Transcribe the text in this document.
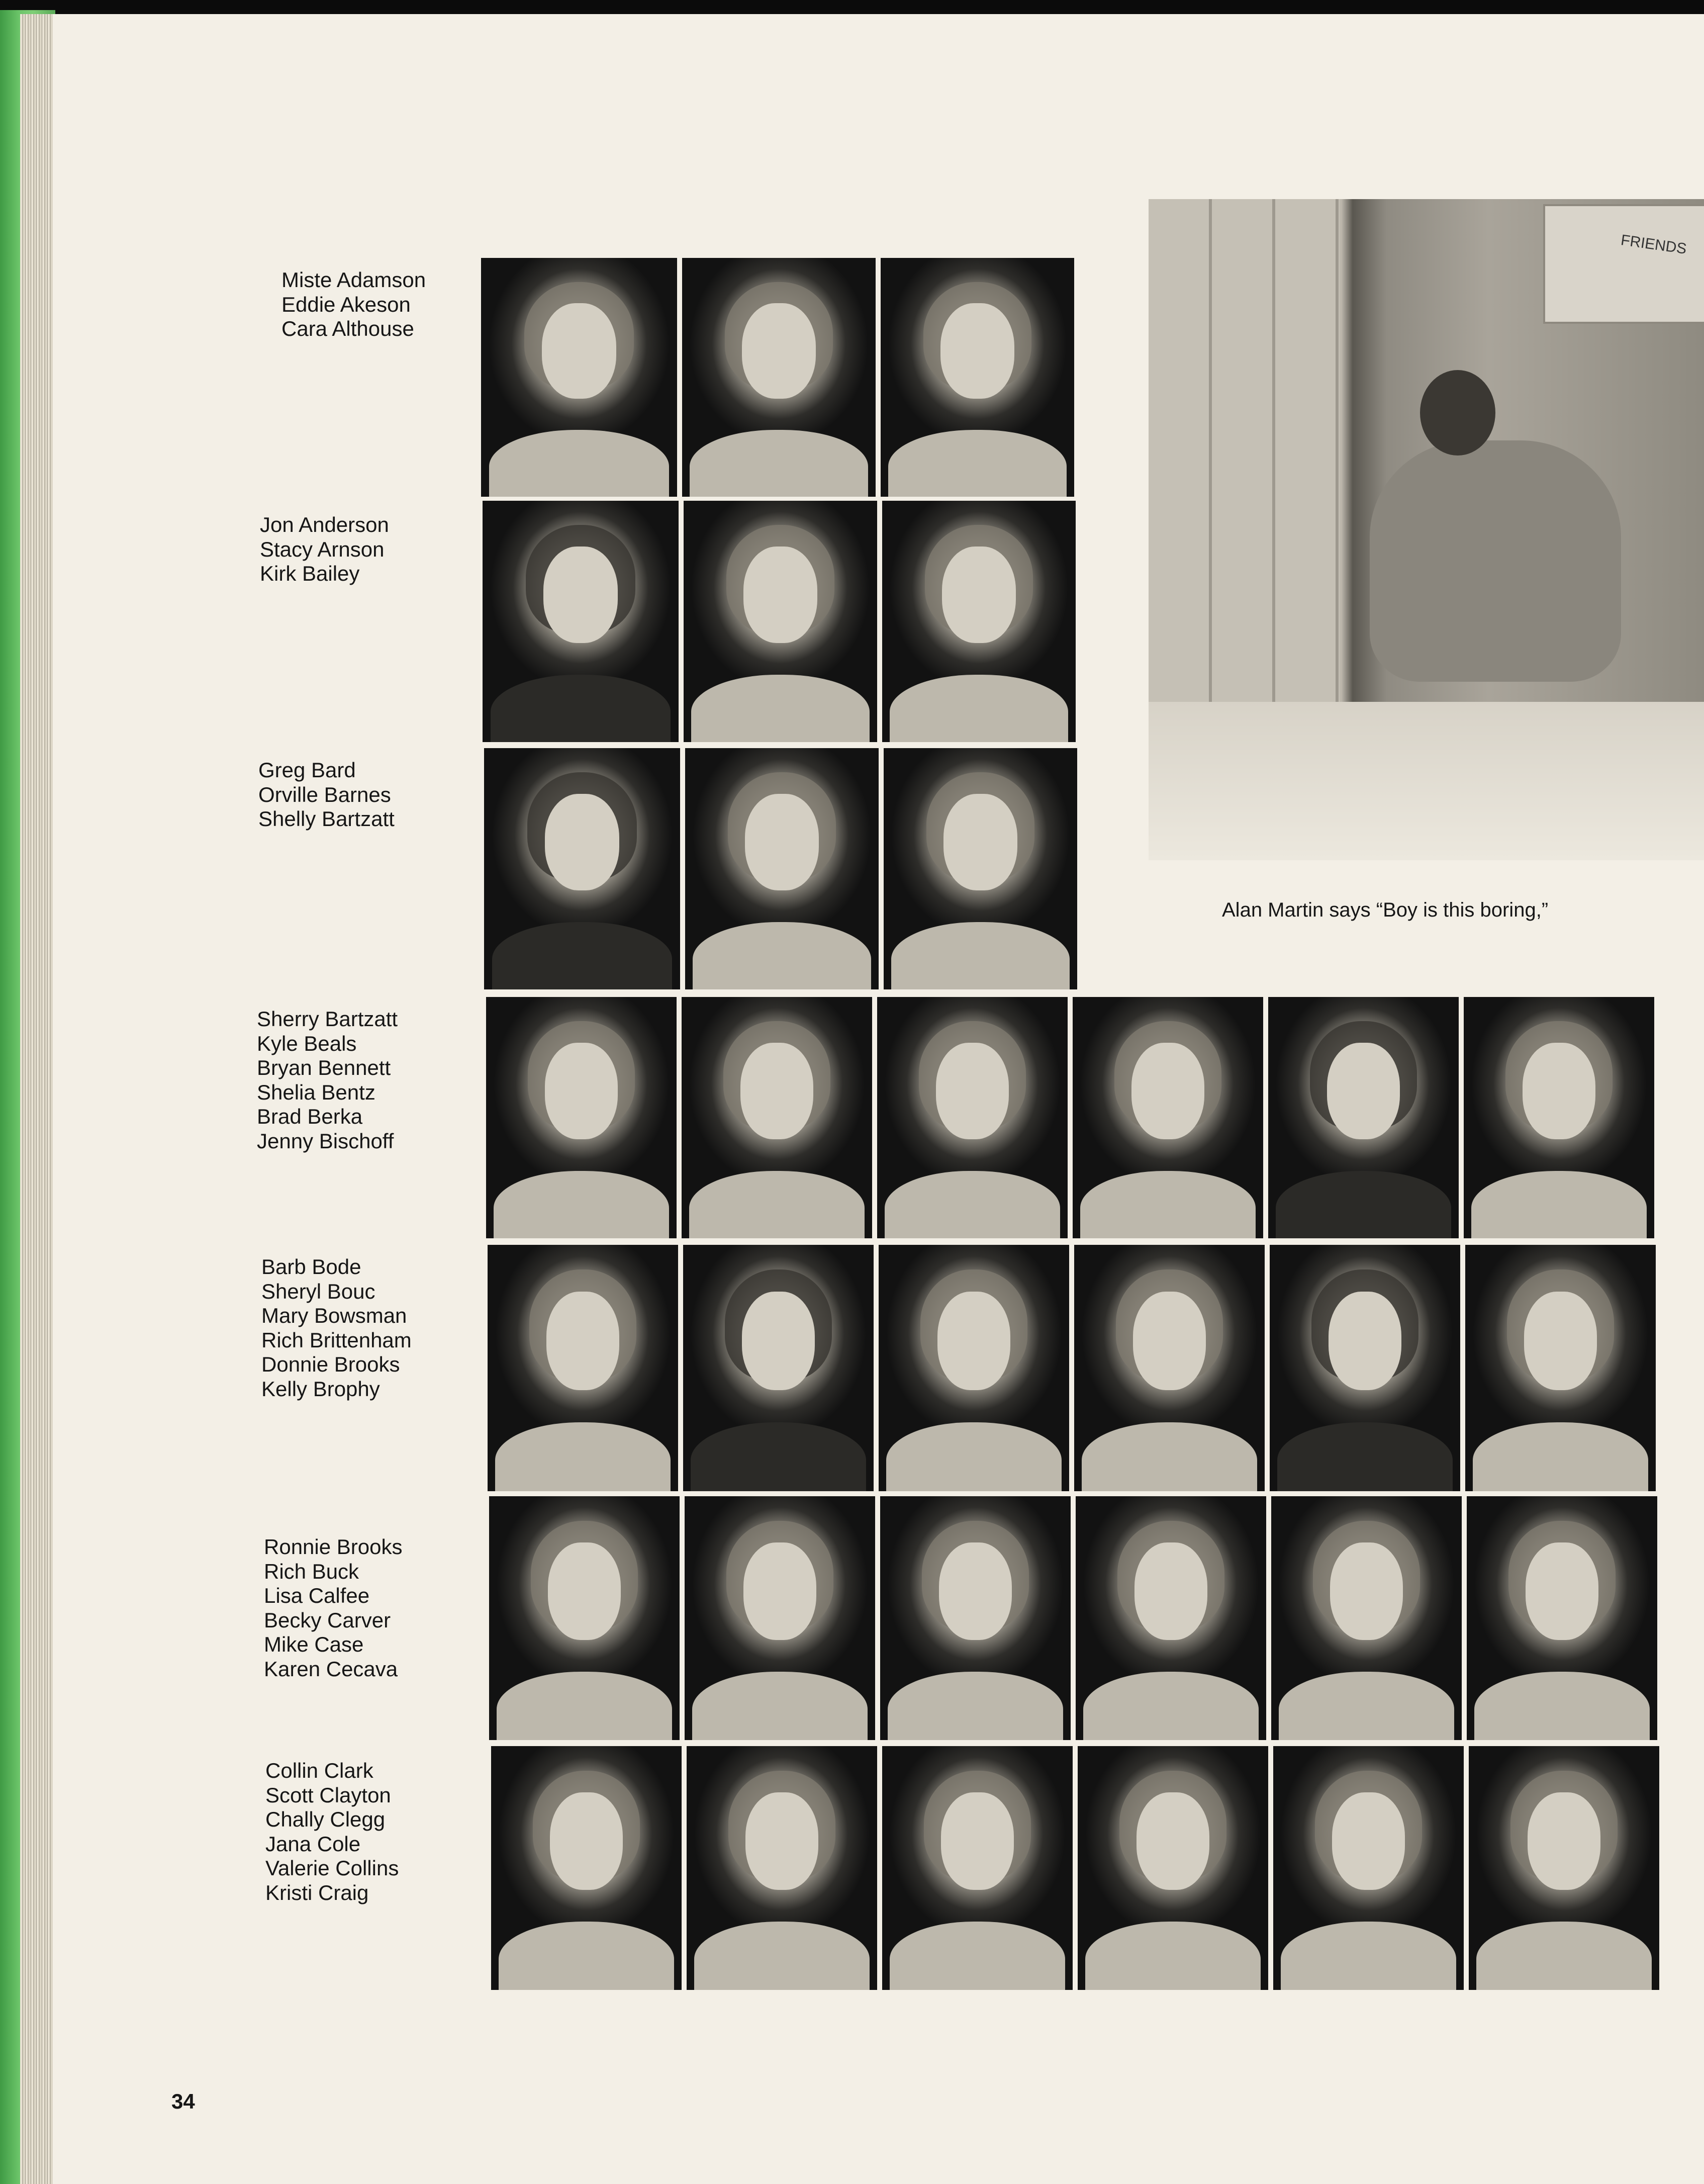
Miste Adamson
Eddie Akeson
Cara Althouse
Jon Anderson
Stacy Arnson
Kirk Bailey
Greg Bard
Orville Barnes
Shelly Bartzatt
FRIENDS
Alan Martin says “Boy is this boring,”
Sherry Bartzatt
Kyle Beals
Bryan Bennett
Shelia Bentz
Brad Berka
Jenny Bischoff
Barb Bode
Sheryl Bouc
Mary Bowsman
Rich Brittenham
Donnie Brooks
Kelly Brophy
Ronnie Brooks
Rich Buck
Lisa Calfee
Becky Carver
Mike Case
Karen Cecava
Collin Clark
Scott Clayton
Chally Clegg
Jana Cole
Valerie Collins
Kristi Craig
34
